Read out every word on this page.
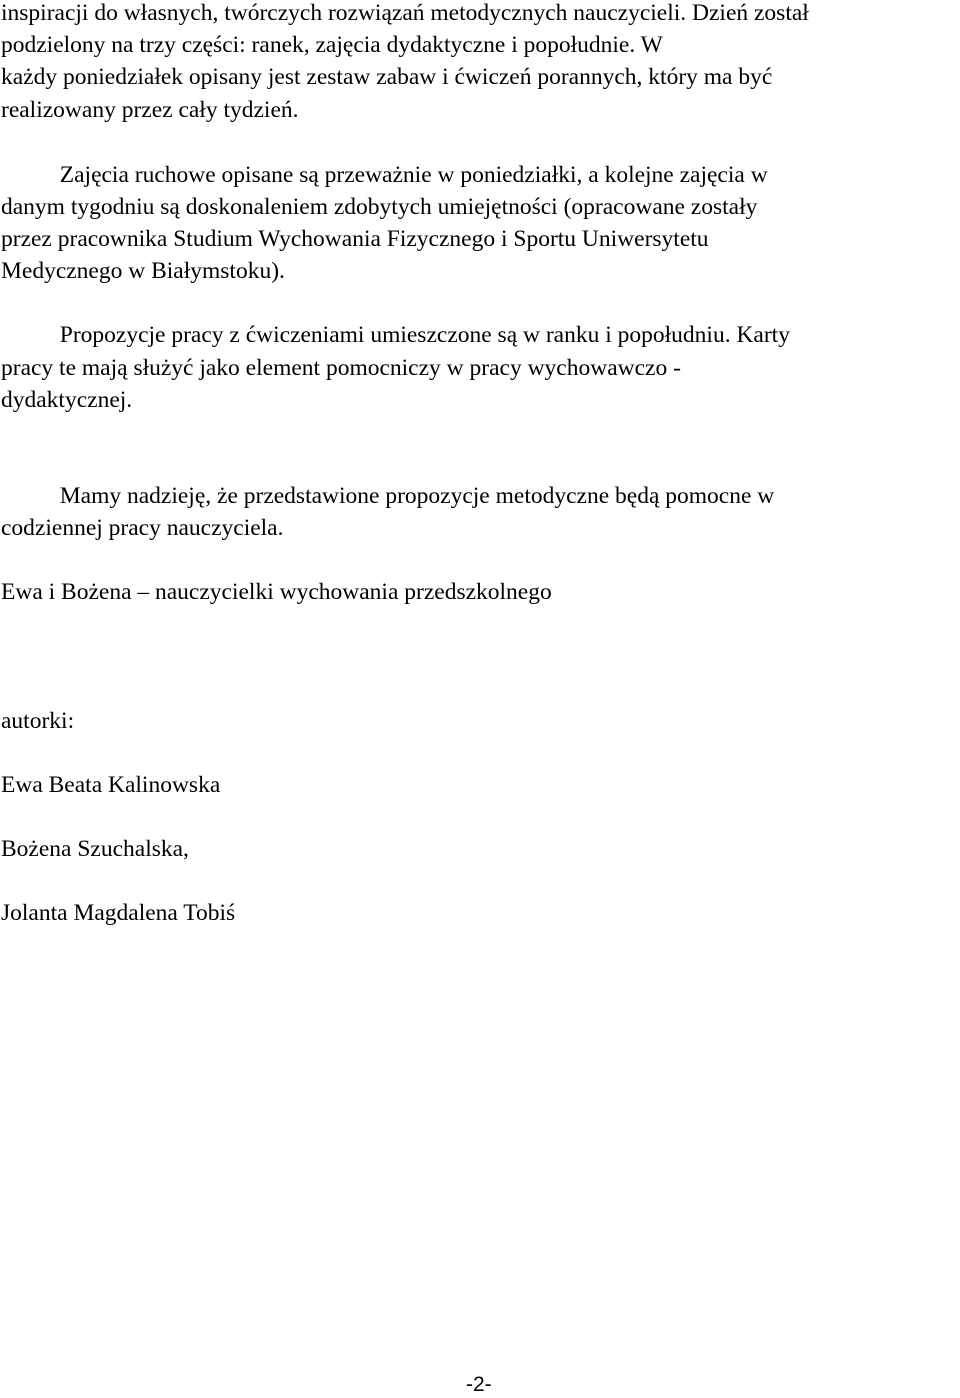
inspiracji do własnych, twórczych rozwiązań metodycznych nauczycieli. Dzień został
podzielony na trzy części: ranek, zajęcia dydaktyczne i popołudnie. W
każdy poniedziałek opisany jest zestaw zabaw i ćwiczeń porannych, który ma być
realizowany przez cały tydzień.
Zajęcia ruchowe opisane są przeważnie w poniedziałki, a kolejne zajęcia w
danym tygodniu są doskonaleniem zdobytych umiejętności (opracowane zostały
przez pracownika Studium Wychowania Fizycznego i Sportu Uniwersytetu
Medycznego w Białymstoku).
Propozycje pracy z ćwiczeniami umieszczone są w ranku i popołudniu. Karty
pracy te mają służyć jako element pomocniczy w pracy wychowawczo -
dydaktycznej.
Mamy nadzieję, że przedstawione propozycje metodyczne będą pomocne w
codziennej pracy nauczyciela.
Ewa i Bożena – nauczycielki wychowania przedszkolnego
autorki:
Ewa Beata Kalinowska
Bożena Szuchalska,
Jolanta Magdalena Tobiś
-2-
